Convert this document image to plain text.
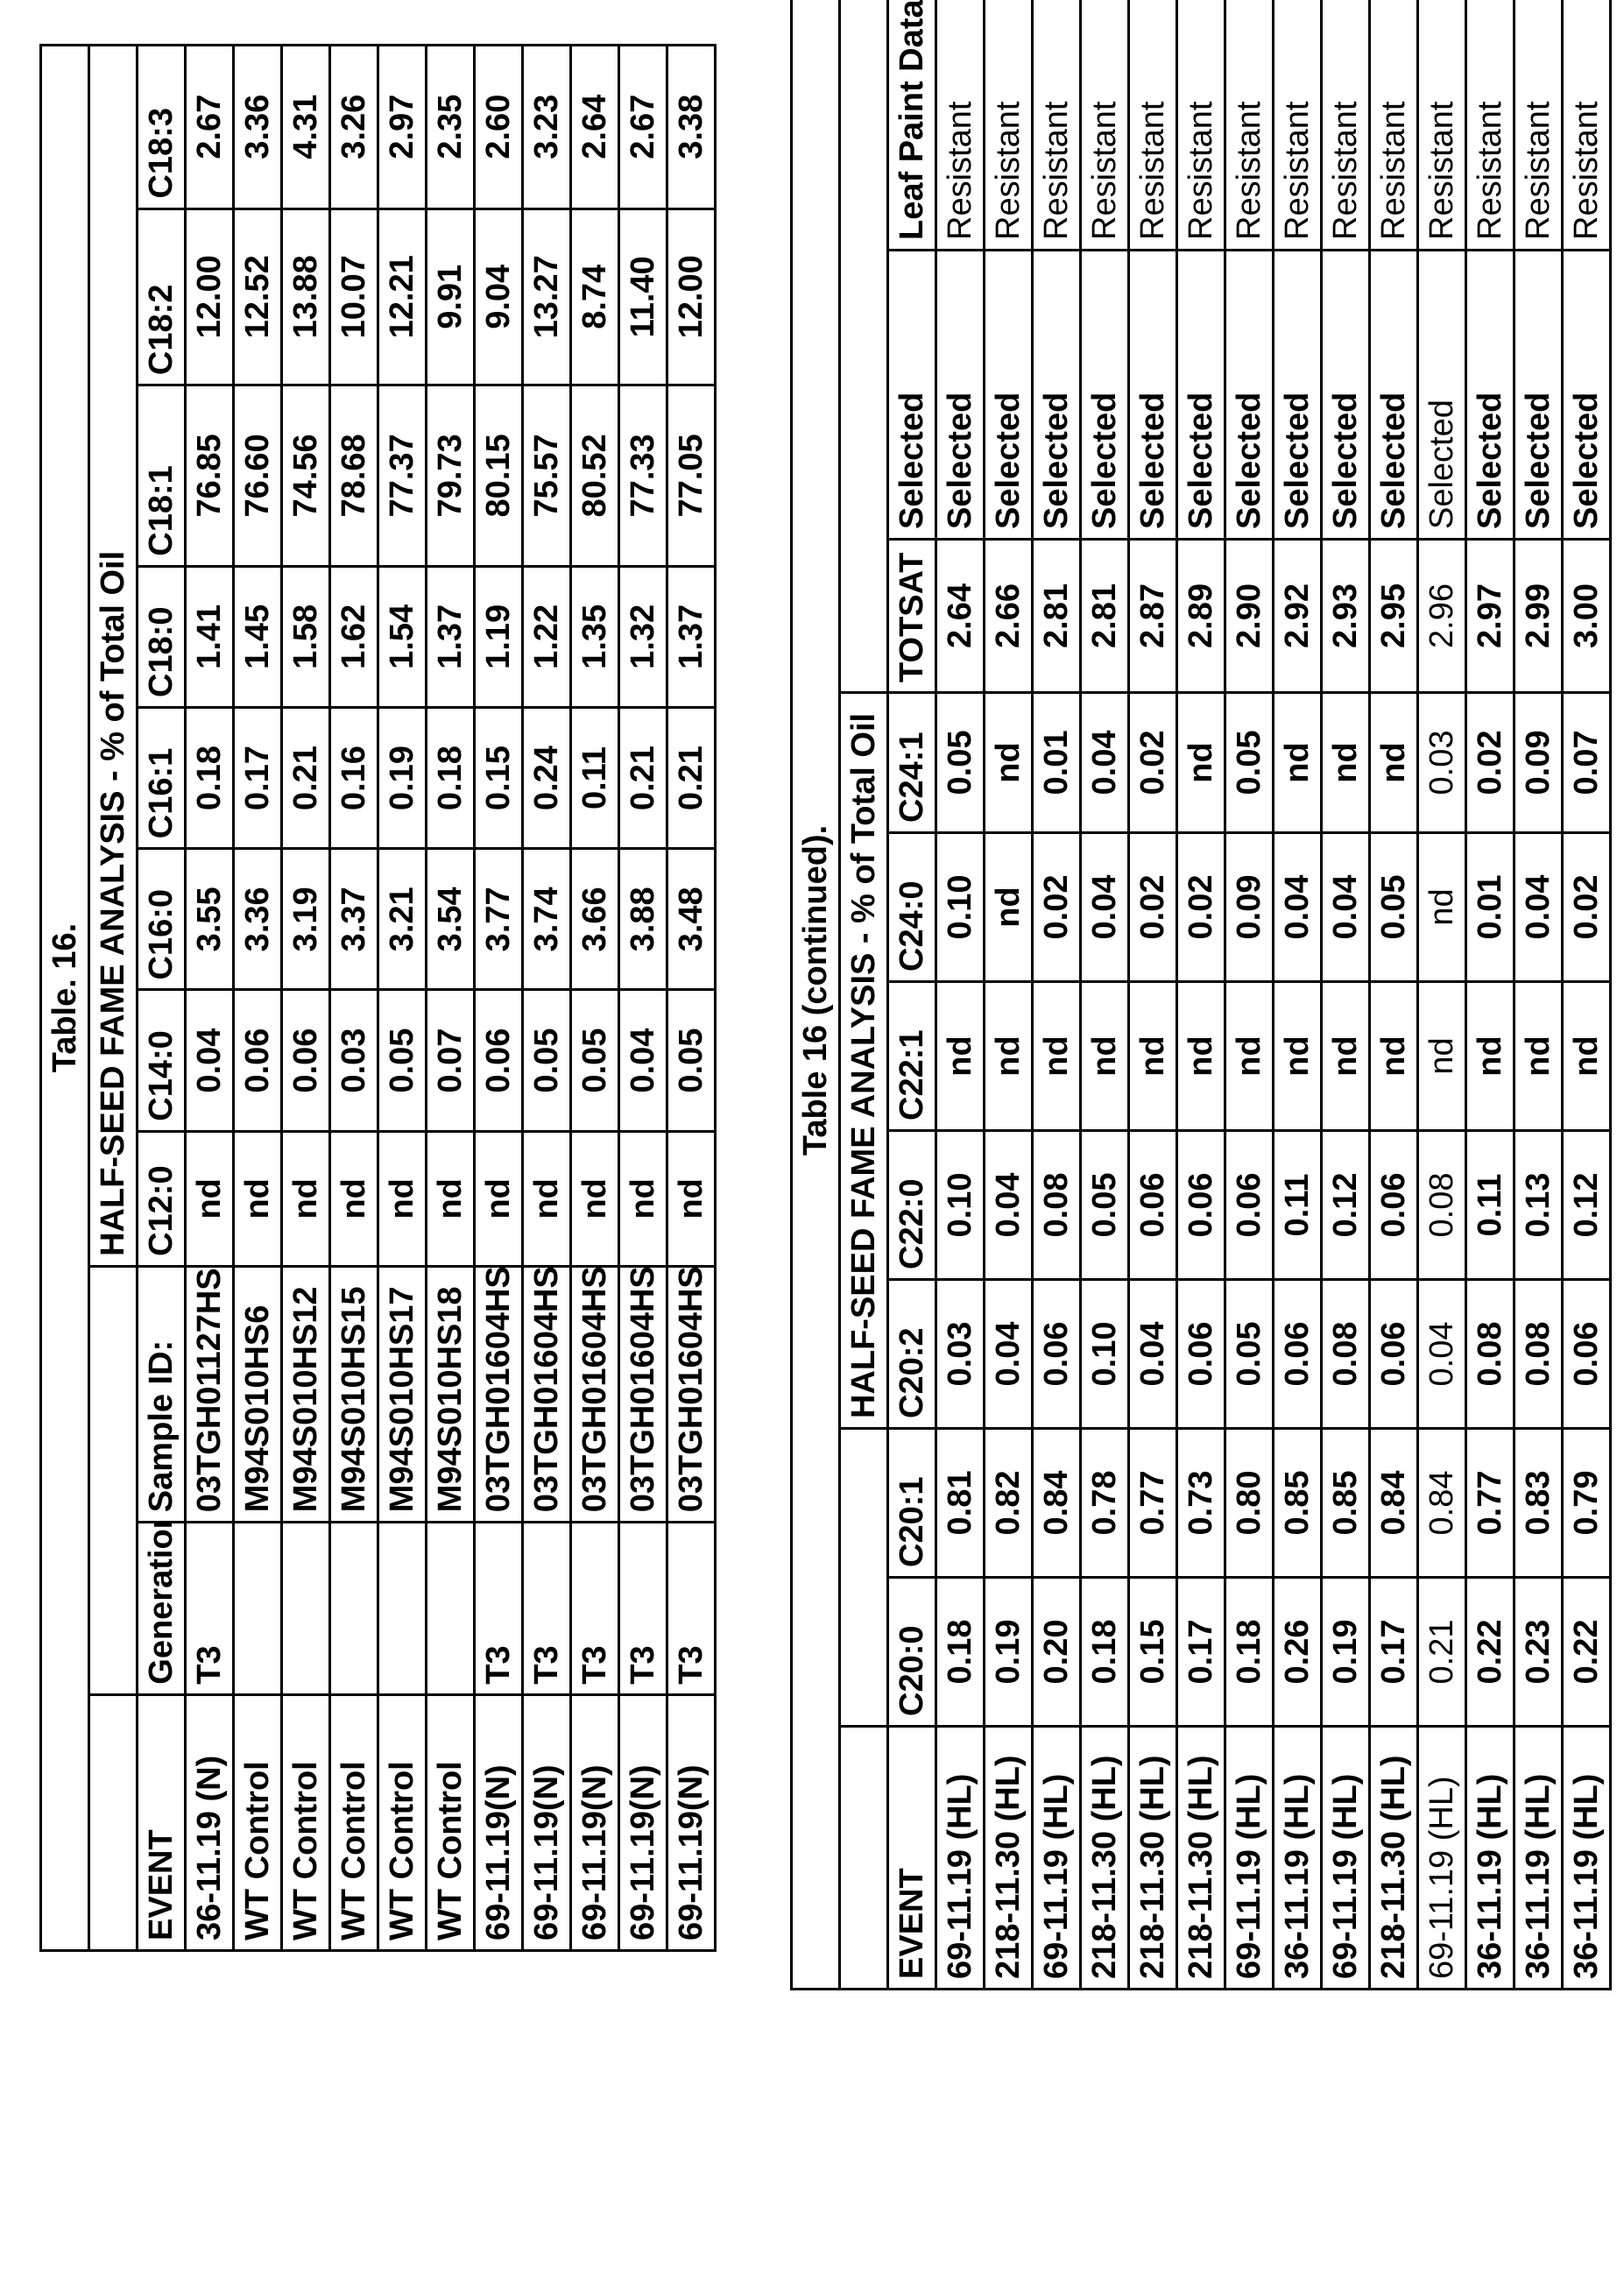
Table. 16.		HALF-SEED FAME ANALYSIS - % of Total Oil
EVENT	Generation	Sample ID:	C12:0	C14:0	C16:0	C16:1	C18:0	C18:1	C18:2	C18:3
36-11.19 (N)	T3	03TGH01127HS18	nd	0.04	3.55	0.18	1.41	76.85	12.00	2.67
WT Control		M94S010HS6	nd	0.06	3.36	0.17	1.45	76.60	12.52	3.36
WT Control		M94S010HS12	nd	0.06	3.19	0.21	1.58	74.56	13.88	4.31
WT Control		M94S010HS15	nd	0.03	3.37	0.16	1.62	78.68	10.07	3.26
WT Control		M94S010HS17	nd	0.05	3.21	0.19	1.54	77.37	12.21	2.97
WT Control		M94S010HS18	nd	0.07	3.54	0.18	1.37	79.73	9.91	2.35
69-11.19(N)	T3	03TGH01604HS2	nd	0.06	3.77	0.15	1.19	80.15	9.04	2.60
69-11.19(N)	T3	03TGH01604HS6	nd	0.05	3.74	0.24	1.22	75.57	13.27	3.23
69-11.19(N)	T3	03TGH01604HS8	nd	0.05	3.66	0.11	1.35	80.52	8.74	2.64
69-11.19(N)	T3	03TGH01604HS9	nd	0.04	3.88	0.21	1.32	77.33	11.40	2.67
69-11.19(N)	T3	03TGH01604HS15	nd	0.05	3.48	0.21	1.37	77.05	12.00	3.38
Table 16 (continued).		HALF-SEED FAME ANALYSIS - % of Total Oil	
EVENT	C20:0	C20:1	C20:2	C22:0	C22:1	C24:0	C24:1	TOTSAT	Selected	Leaf Paint Data
69-11.19 (HL)	0.18	0.81	0.03	0.10	nd	0.10	0.05	2.64	Selected	Resistant
218-11.30 (HL)	0.19	0.82	0.04	0.04	nd	nd	nd	2.66	Selected	Resistant
69-11.19 (HL)	0.20	0.84	0.06	0.08	nd	0.02	0.01	2.81	Selected	Resistant
218-11.30 (HL)	0.18	0.78	0.10	0.05	nd	0.04	0.04	2.81	Selected	Resistant
218-11.30 (HL)	0.15	0.77	0.04	0.06	nd	0.02	0.02	2.87	Selected	Resistant
218-11.30 (HL)	0.17	0.73	0.06	0.06	nd	0.02	nd	2.89	Selected	Resistant
69-11.19 (HL)	0.18	0.80	0.05	0.06	nd	0.09	0.05	2.90	Selected	Resistant
36-11.19 (HL)	0.26	0.85	0.06	0.11	nd	0.04	nd	2.92	Selected	Resistant
69-11.19 (HL)	0.19	0.85	0.08	0.12	nd	0.04	nd	2.93	Selected	Resistant
218-11.30 (HL)	0.17	0.84	0.06	0.06	nd	0.05	nd	2.95	Selected	Resistant
69-11.19 (HL)	0.21	0.84	0.04	0.08	nd	nd	0.03	2.96	Selected	Resistant
36-11.19 (HL)	0.22	0.77	0.08	0.11	nd	0.01	0.02	2.97	Selected	Resistant
36-11.19 (HL)	0.23	0.83	0.08	0.13	nd	0.04	0.09	2.99	Selected	Resistant
36-11.19 (HL)	0.22	0.79	0.06	0.12	nd	0.02	0.07	3.00	Selected	Resistant
